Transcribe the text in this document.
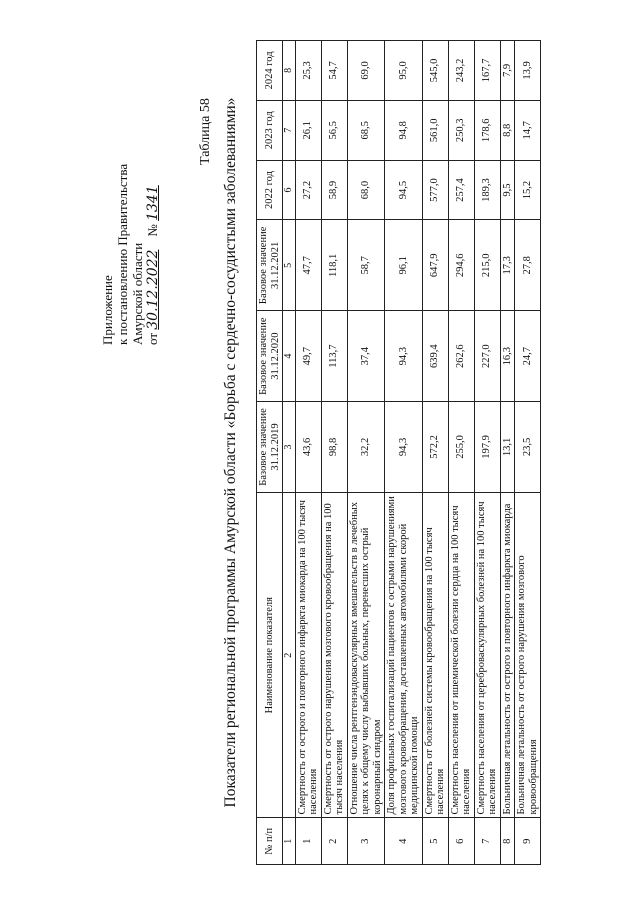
Приложение к постановлению Правительства Амурской области от 30.12.2022    № 1341
Таблица 58 Показатели региональной программы Амурской области «Борьба с сердечно-сосудистыми заболеваниями»
№ п/п	Наименование показателя	Базовое значение 31.12.2019	Базовое значение 31.12.2020	Базовое значение 31.12.2021	2022 год	2023 год	2024 год
1	2	3	4	5	6	7	8
1	Смертность от острого и повторного инфаркта миокарда на 100 тысяч населения	43,6	49,7	47,7	27,2	26,1	25,3
2	Смертность от острого нарушения мозгового кровообращения на 100 тысяч населения	98,8	113,7	118,1	58,9	56,5	54,7
3	Отношение числа рентгенэндоваскулярных вмешательств в лечебных целях к общему числу выбывших больных, перенесших острый коронарный синдром	32,2	37,4	58,7	68,0	68,5	69,0
4	Доля профильных госпитализаций пациентов с острыми нарушениями мозгового кровообращения, доставленных автомобилями скорой медицинской помощи	94,3	94,3	96,1	94,5	94,8	95,0
5	Смертность от болезней системы кровообращения на 100 тысяч населения	572,2	639,4	647,9	577,0	561,0	545,0
6	Смертность населения от ишемической болезни сердца на 100 тысяч населения	255,0	262,6	294,6	257,4	250,3	243,2
7	Смертность населения от цереброваскулярных болезней на 100 тысяч населения	197,9	227,0	215,0	189,3	178,6	167,7
8	Больничная летальность от острого и повторного инфаркта миокарда	13,1	16,3	17,3	9,5	8,8	7,9
9	Больничная летальность от острого нарушения мозгового кровообращения	23,5	24,7	27,8	15,2	14,7	13,9
